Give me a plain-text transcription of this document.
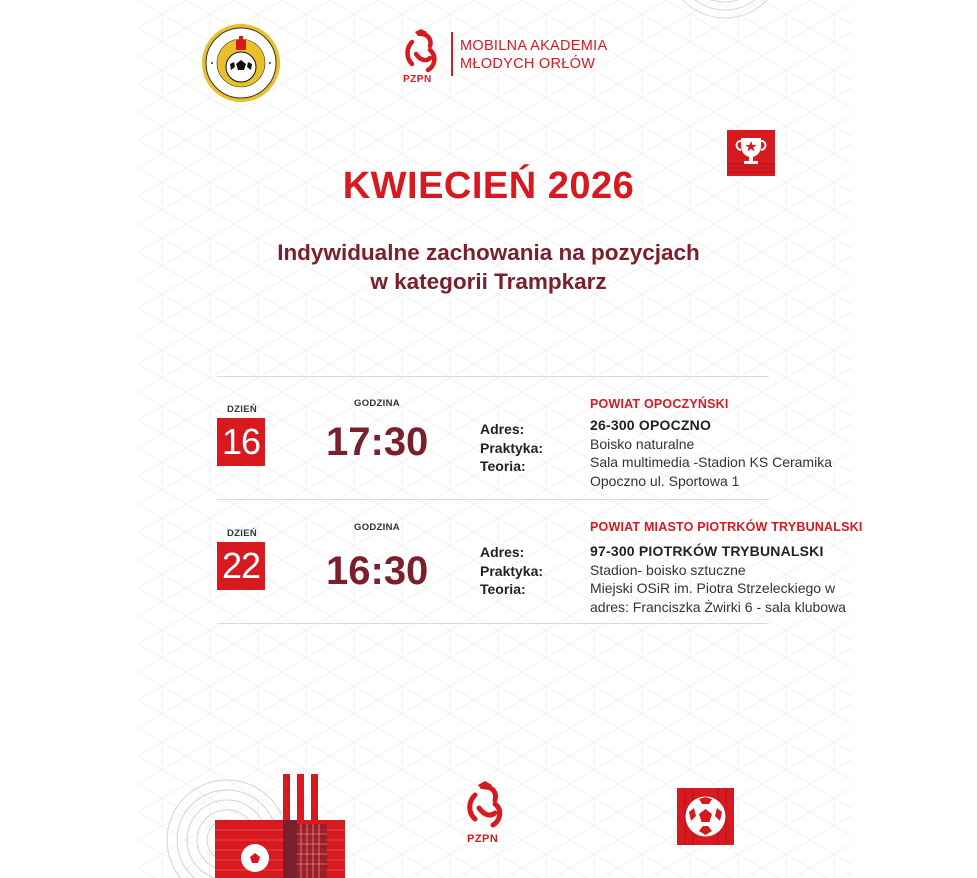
PZPN
MOBILNA AKADEMIA
MŁODYCH ORŁÓW
KWIECIEŃ 2026
Indywidualne zachowania na pozycjach
w kategorii Trampkarz
DZIEŃ
16
GODZINA
17:30	Adres:
Praktyka:
Teoria:
POWIAT OPOCZYŃSKI
26-300 OPOCZNO
Boisko naturalne
Sala multimedia -Stadion KS Ceramika
Opoczno ul. Sportowa 1
DZIEŃ
22
GODZINA
16:30	Adres:
Praktyka:
Teoria:
POWIAT MIASTO PIOTRKÓW TRYBUNALSKI
97-300 PIOTRKÓW TRYBUNALSKI
Stadion- boisko sztuczne
Miejski OSiR im. Piotra Strzeleckiego w
adres: Franciszka Żwirki 6 - sala klubowa
PZPN
